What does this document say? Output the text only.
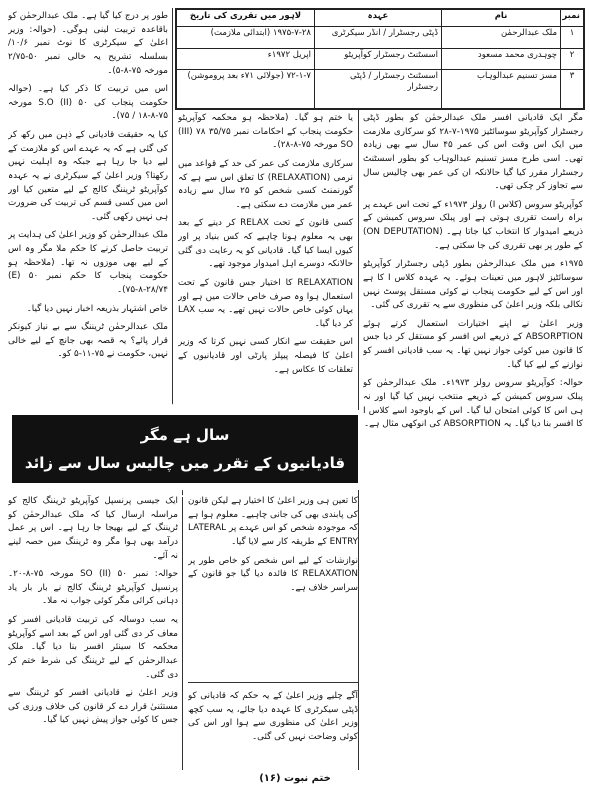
نمبر	نام	عہدہ	لاہور میں تقرری کی تاریخ
۱	ملک عبدالرحمٰن	ڈپٹی رجسٹرار / انڈر سیکرٹری	۱۹۷۵-۷-۲۸ (ابتدائی ملازمت)
۲	چوہدری محمد مسعود	اسسٹنٹ رجسٹرار کوآپریٹو	اپریل ۱۹۷۲ء
۳	مسز تسنیم عبدالوہاب	اسسٹنٹ رجسٹرار / ڈپٹی رجسٹرار	۷۲-۱-۷ (جولائی ۷۱ء بعد پروموشن)

طور پر درج کیا گیا ہے۔ ملک عبدالرحمٰن کو باقاعدہ تربیت لینی ہوگی۔ (حوالہ: وزیر اعلیٰ کے سیکرٹری کا نوٹ نمبر ۱۰/۶/ بسلسلہ تشریح یہ خالی نمبر ۵۰-۲/۷۵ مورخہ ۷۵-۸-۵)۔

اس میں تربیت کا ذکر کیا ہے۔ (حوالہ حکومت پنجاب کی ۵۰ (II) S.O مورخہ ۷۵-۸-۱۸ / ۷۵)۔

کیا یہ حقیقت قادیانی کے ذہن میں رکھ کر کی گئی ہے کہ یہ عہدے اس کو ملازمت کے لیے دیا جا رہا ہے جبکہ وہ اہلیت نہیں رکھتا؟ وزیر اعلیٰ کے سیکرٹری نے یہ عہدہ کوآپریٹو ٹریننگ کالج کے لیے متعین کیا اور اس میں کسی قسم کی تربیت کی ضرورت ہی نہیں رکھی گئی۔

ملک عبدالرحمٰن کو وزیر اعلیٰ کی ہدایت پر تربیت حاصل کرنے کا حکم ملا مگر وہ اس کے لیے بھی موزوں نہ تھا۔ (ملاحظہ ہو حکومت پنجاب کا حکم نمبر ۵۰ (E) ۷۵-۸-۲۸/۷۴)۔

خاص اشتہار بذریعہ اخبار نہیں دیا گیا۔

ملک عبدالرحمٰن ٹریننگ سے بے نیاز کیونکر قرار پائے؟ یہ قصہ بھی جانچ کے لیے خالی نہیں، حکومت نے ۷۵-۱۱-۵ کو۔

یا ختم ہو گیا۔ (ملاحظہ ہو محکمہ کوآپریٹو حکومت پنجاب کے احکامات نمبر ۳۵/۷۵ ۷۸ (III) SO مورخہ ۷۵-۸-۲۸)۔

سرکاری ملازمت کی عمر کی حد کے قواعد میں نرمی (RELAXATION) کا تعلق اس سے ہے کہ گورنمنٹ کسی شخص کو ۲۵ سال سے زیادہ عمر میں ملازمت دے سکتی ہے۔

کسی قانون کے تحت RELAX کر دینے کے بعد بھی یہ معلوم ہونا چاہیے کہ کس بنیاد پر اور کیوں ایسا کیا گیا۔ قادیانی کو یہ رعایت دی گئی حالانکہ دوسرے اہل امیدوار موجود تھے۔

RELAXATION کا اختیار جس قانون کے تحت استعمال ہوا وہ صرف خاص حالات میں ہے اور یہاں کوئی خاص حالات نہیں تھے۔ یہ سب LAX کر دیا گیا۔

اس حقیقت سے انکار کسی نہیں کرتا کہ وزیر اعلیٰ کا فیصلہ پیپلز پارٹی اور قادیانیوں کے تعلقات کا عکاس ہے۔

مگر ایک قادیانی افسر ملک عبدالرحمٰن کو بطور ڈپٹی رجسٹرار کوآپریٹو سوسائٹیز ۱۹۷۵-۷-۲۸ کو سرکاری ملازمت میں ایک اس وقت اس کی عمر ۴۵ سال سے بھی زیادہ تھی۔ اسی طرح مسز تسنیم عبدالوہاب کو بطور اسسٹنٹ رجسٹرار مقرر کیا گیا حالانکہ ان کی عمر بھی چالیس سال سے تجاوز کر چکی تھی۔

کوآپریٹو سروس (کلاس I) رولز ۱۹۷۳ء کے تحت اس عہدے پر براہ راست تقرری ہوتی ہے اور پبلک سروس کمیشن کے ذریعے امیدوار کا انتخاب کیا جاتا ہے۔ (ON DEPUTATION) کے طور پر بھی تقرری کی جا سکتی ہے۔

۱۹۷۵ء میں ملک عبدالرحمٰن بطور ڈپٹی رجسٹرار کوآپریٹو سوسائٹیز لاہور میں تعینات ہوئے۔ یہ عہدہ کلاس I کا ہے اور اس کے لیے حکومت پنجاب نے کوئی مستقل پوسٹ نہیں نکالی بلکہ وزیر اعلیٰ کی منظوری سے یہ تقرری کی گئی۔

وزیر اعلیٰ نے اپنے اختیارات استعمال کرتے ہوئے ABSORPTION کے ذریعے اس افسر کو مستقل کر دیا جس کا قانون میں کوئی جواز نہیں تھا۔ یہ سب قادیانی افسر کو نوازنے کے لیے کیا گیا۔

حوالہ: کوآپریٹو سروس رولز ۱۹۷۳ء۔ ملک عبدالرحمٰن کو پبلک سروس کمیشن کے ذریعے منتخب نہیں کیا گیا اور نہ ہی اس کا کوئی امتحان لیا گیا۔ اس کے باوجود اسے کلاس I کا افسر بنا دیا گیا۔ یہ ABSORPTION کی انوکھی مثال ہے۔

سرکاری ملازمت کے لیے عمر کی انتہائی حد ۲۵ سال ہے مگر
قادیانیوں کے تقرر میں چالیس سال سے زائد عمر بھی رکاوٹ نہ بنی

ایک جیسی پرنسپل کوآپریٹو ٹریننگ کالج کو مراسلہ ارسال کیا کہ ملک عبدالرحمٰن کو ٹریننگ کے لیے بھیجا جا رہا ہے۔ اس پر عمل درآمد بھی ہوا مگر وہ ٹریننگ میں حصہ لینے نہ آئے۔

حوالہ: نمبر ۵۰ (II) SO مورخہ ۷۵-۸-۲۰۔ پرنسپل کوآپریٹو ٹریننگ کالج نے بار بار یاد دہانی کرائی مگر کوئی جواب نہ ملا۔

یہ سب دوسالہ کی تربیت قادیانی افسر کو معاف کر دی گئی اور اس کے بعد اسے کوآپریٹو محکمہ کا سینئر افسر بنا دیا گیا۔ ملک عبدالرحمٰن کے لیے ٹریننگ کی شرط ختم کر دی گئی۔

وزیر اعلیٰ نے قادیانی افسر کو ٹریننگ سے مستثنیٰ قرار دے کر قانون کی خلاف ورزی کی جس کا کوئی جواز پیش نہیں کیا گیا۔

کا تعین ہی وزیر اعلیٰ کا اختیار ہے لیکن قانون کی پابندی بھی کی جانی چاہیے۔ معلوم ہوا ہے کہ موجودہ شخص کو اس عہدے پر LATERAL ENTRY کے طریقہ کار سے لایا گیا۔

نوازشات کے لیے اس شخص کو خاص طور پر RELAXATION کا فائدہ دیا گیا جو قانون کے سراسر خلاف ہے۔

آگے چلیے وزیر اعلیٰ کے یہ حکم کہ قادیانی کو ڈپٹی سیکرٹری کا عہدہ دیا جائے، یہ سب کچھ وزیر اعلیٰ کی منظوری سے ہوا اور اس کی کوئی وضاحت نہیں کی گئی۔

(۱۶) ختم نبوت
